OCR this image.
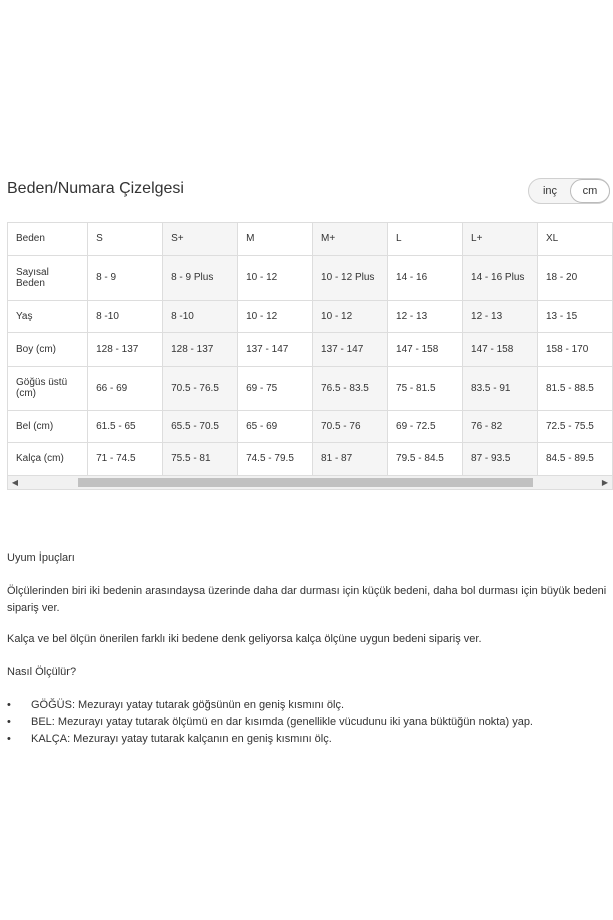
Beden/Numara Çizelgesi	inç	cm
Beden	S	S+	M	M+	L	L+	XL
Sayısal Beden	8 - 9	8 - 9 Plus	10 - 12	10 - 12 Plus	14 - 16	14 - 16 Plus	18 - 20
Yaş	8 -10	8 -10	10 - 12	10 - 12	12 - 13	12 - 13	13 - 15
Boy (cm)	128 - 137	128 - 137	137 - 147	137 - 147	147 - 158	147 - 158	158 - 170
Göğüs üstü (cm)	66 - 69	70.5 - 76.5	69 - 75	76.5 - 83.5	75 - 81.5	83.5 - 91	81.5 - 88.5
Bel (cm)	61.5 - 65	65.5 - 70.5	65 - 69	70.5 - 76	69 - 72.5	76 - 82	72.5 - 75.5
Kalça (cm)	71 - 74.5	75.5 - 81	74.5 - 79.5	81 - 87	79.5 - 84.5	87 - 93.5	84.5 - 89.5
◀	▶
Uyum İpuçları
Ölçülerinden biri iki bedenin arasındaysa üzerinde daha dar durması için küçük bedeni, daha bol durması için büyük bedeni sipariş ver.
Kalça ve bel ölçün önerilen farklı iki bedene denk geliyorsa kalça ölçüne uygun bedeni sipariş ver.
Nasıl Ölçülür?
• GÖĞÜS: Mezurayı yatay tutarak göğsünün en geniş kısmını ölç.
• BEL: Mezurayı yatay tutarak ölçümü en dar kısımda (genellikle vücudunu iki yana büktüğün nokta) yap.
• KALÇA: Mezurayı yatay tutarak kalçanın en geniş kısmını ölç.
